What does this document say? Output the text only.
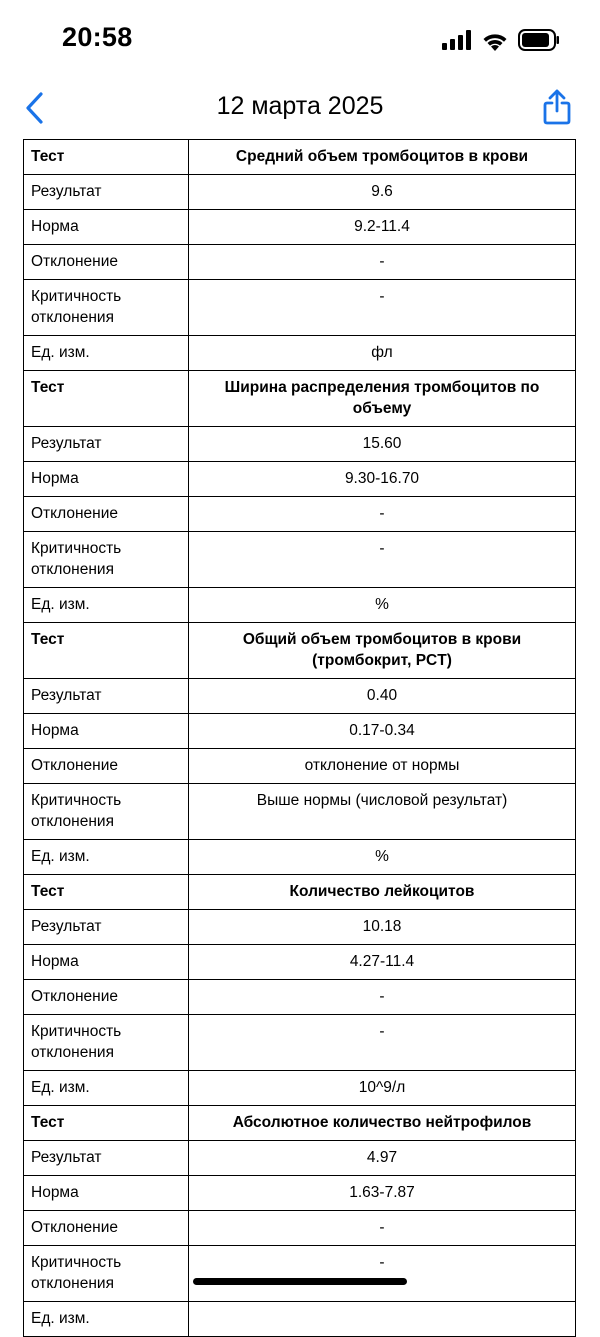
20:58
12 марта 2025
Тест	Средний объем тромбоцитов в крови
Результат	9.6
Норма	9.2-11.4
Отклонение	-
Критичность отклонения	-
Ед. изм.	фл
Тест	Ширина распределения тромбоцитов по объему
Результат	15.60
Норма	9.30-16.70
Отклонение	-
Критичность отклонения	-
Ед. изм.	%
Тест	Общий объем тромбоцитов в крови (тромбокрит, PCT)
Результат	0.40
Норма	0.17-0.34
Отклонение	отклонение от нормы
Критичность отклонения	Выше нормы (числовой результат)
Ед. изм.	%
Тест	Количество лейкоцитов
Результат	10.18
Норма	4.27-11.4
Отклонение	-
Критичность отклонения	-
Ед. изм.	10^9/л
Тест	Абсолютное количество нейтрофилов
Результат	4.97
Норма	1.63-7.87
Отклонение	-
Критичность отклонения	-
Ед. изм.	
